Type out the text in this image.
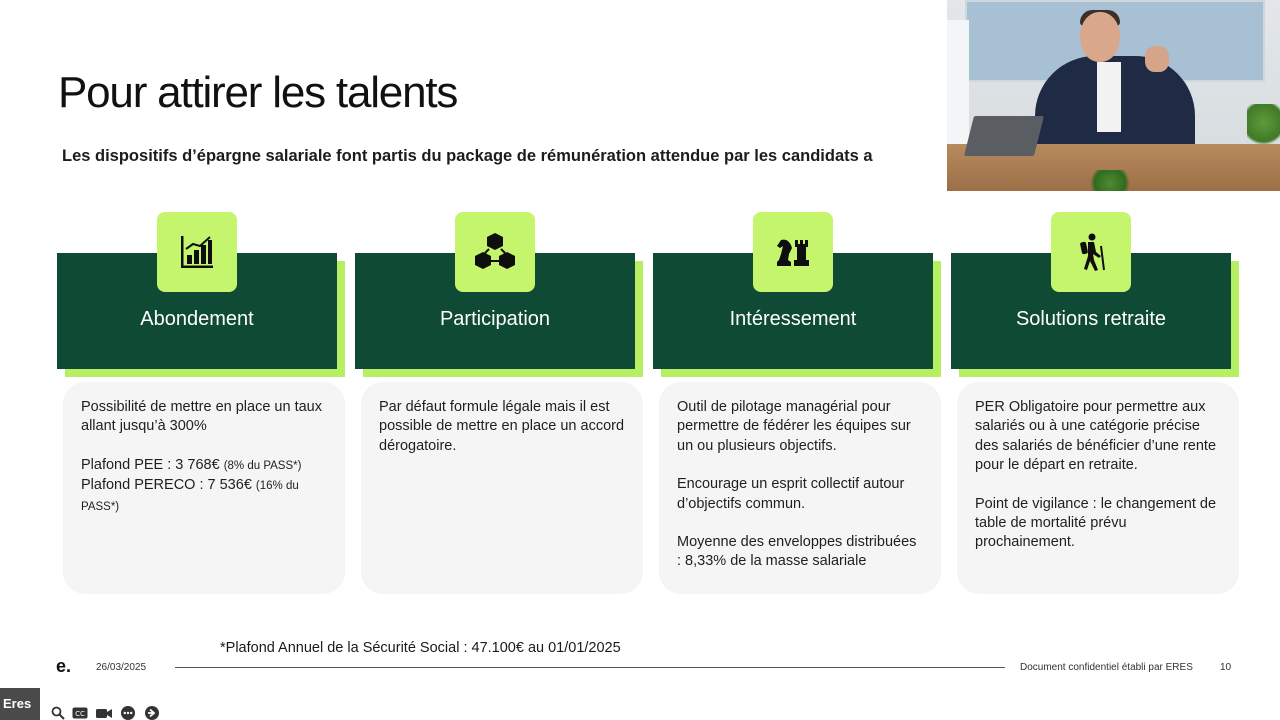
Pour attirer les talents
Les dispositifs d’épargne salariale font partis du package de rémunération attendue par les candidats a
Abondement
Possibilité de mettre en place un taux allant jusqu’à 300%
Plafond PEE : 3 768€ (8% du PASS*)
Plafond PERECO : 7 536€ (16% du PASS*)
Participation
Par défaut formule légale mais il est possible de mettre en place un accord dérogatoire.
Intéressement
Outil de pilotage managérial pour permettre de fédérer les équipes sur un ou plusieurs objectifs.
Encourage un esprit collectif autour d’objectifs commun.
Moyenne des enveloppes distribuées : 8,33% de la masse salariale
Solutions retraite
PER Obligatoire pour permettre aux salariés ou à une catégorie précise des salariés de bénéficier d’une rente pour le départ en retraite.
Point de vigilance : le changement de table de mortalité prévu prochainement.
*Plafond Annuel de la Sécurité Social : 47.100€ au 01/01/2025
e. 26/03/2025	Document confidentiel établi par ERES	10
Eres
CC
